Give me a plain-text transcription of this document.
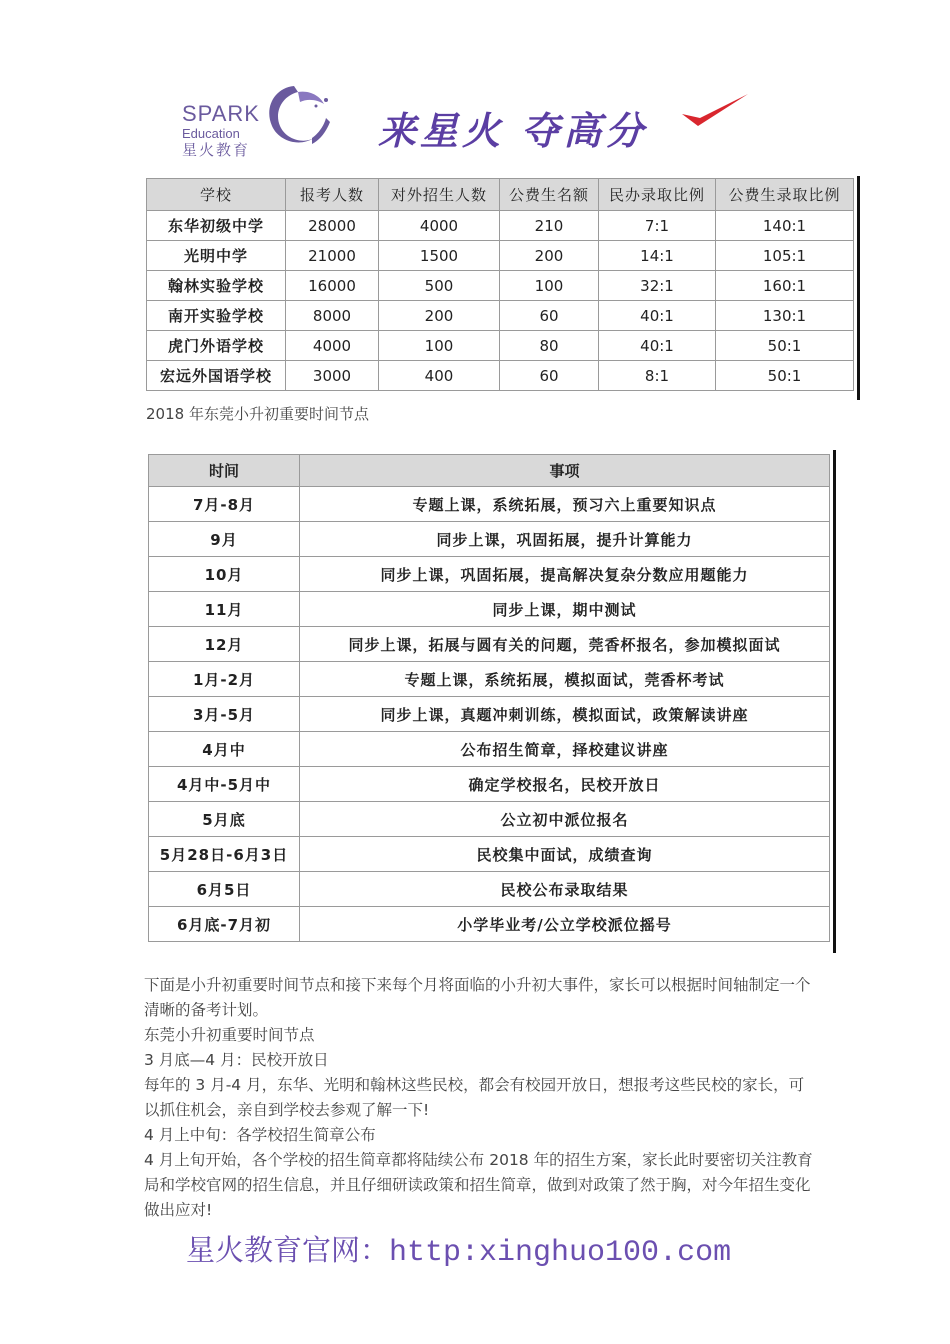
SPARK
Education
星火教育	来星火 夺高分
学校	报考人数	对外招生人数	公费生名额	民办录取比例	公费生录取比例
东华初级中学	28000	4000	210	7:1	140:1
光明中学	21000	1500	200	14:1	105:1
翰林实验学校	16000	500	100	32:1	160:1
南开实验学校	8000	200	60	40:1	130:1
虎门外语学校	4000	100	80	40:1	50:1
宏远外国语学校	3000	400	60	8:1	50:1
2018 年东莞小升初重要时间节点
时间	事项
7月-8月	专题上课，系统拓展，预习六上重要知识点
9月	同步上课，巩固拓展，提升计算能力
10月	同步上课，巩固拓展，提高解决复杂分数应用题能力
11月	同步上课，期中测试
12月	同步上课，拓展与圆有关的问题，莞香杯报名，参加模拟面试
1月-2月	专题上课，系统拓展，模拟面试，莞香杯考试
3月-5月	同步上课，真题冲刺训练，模拟面试，政策解读讲座
4月中	公布招生简章，择校建议讲座
4月中-5月中	确定学校报名，民校开放日
5月底	公立初中派位报名
5月28日-6月3日	民校集中面试，成绩查询
6月5日	民校公布录取结果
6月底-7月初	小学毕业考/公立学校派位摇号

下面是小升初重要时间节点和接下来每个月将面临的小升初大事件，家长可以根据时间轴制定一个清晰的备考计划。

东莞小升初重要时间节点

3 月底—4 月：民校开放日

每年的 3 月-4 月，东华、光明和翰林这些民校，都会有校园开放日，想报考这些民校的家长，可以抓住机会，亲自到学校去参观了解一下!

4 月上中旬：各学校招生简章公布

4 月上旬开始，各个学校的招生简章都将陆续公布 2018 年的招生方案，家长此时要密切关注教育局和学校官网的招生信息，并且仔细研读政策和招生简章，做到对政策了然于胸，对今年招生变化做出应对!

星火教育官网：http:xinghuo100.com
